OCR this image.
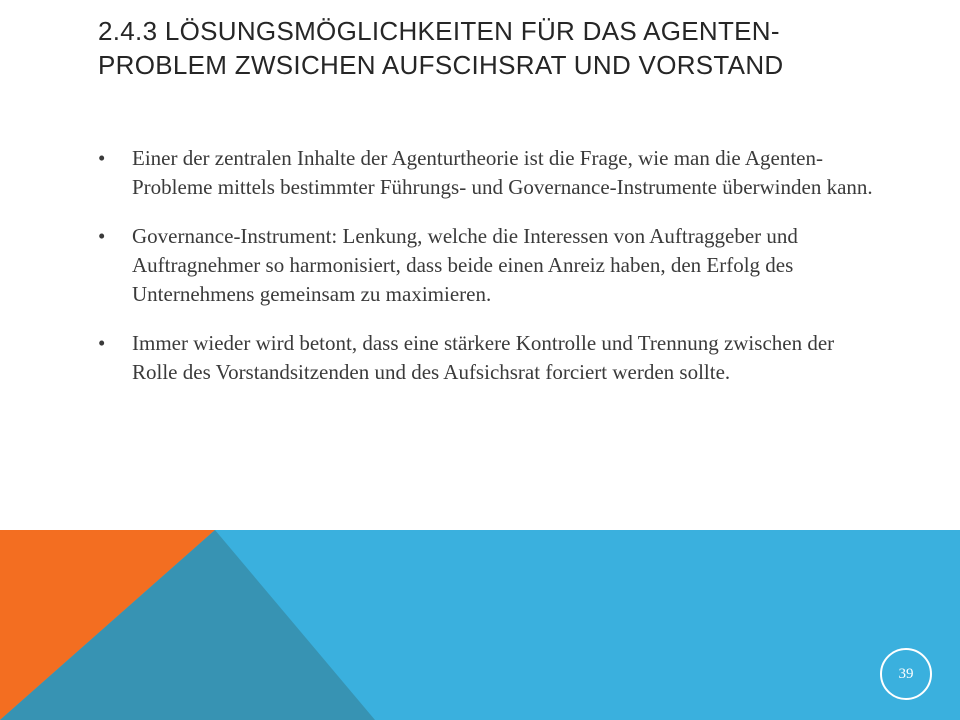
2.4.3 LÖSUNGSMÖGLICHKEITEN FÜR DAS AGENTEN-PROBLEM ZWSICHEN AUFSCIHSRAT UND VORSTAND
•	Einer der zentralen Inhalte der Agenturtheorie ist die Frage, wie man die Agenten-Probleme mittels bestimmter Führungs- und Governance-Instrumente überwinden kann.
•	Governance-Instrument: Lenkung, welche die Interessen von Auftraggeber und Auftragnehmer so harmonisiert, dass beide einen Anreiz haben, den Erfolg des Unternehmens gemeinsam zu maximieren.
•	Immer wieder wird betont, dass eine stärkere Kontrolle und Trennung zwischen der Rolle des Vorstandsitzenden und des Aufsichsrat forciert werden sollte.
39
